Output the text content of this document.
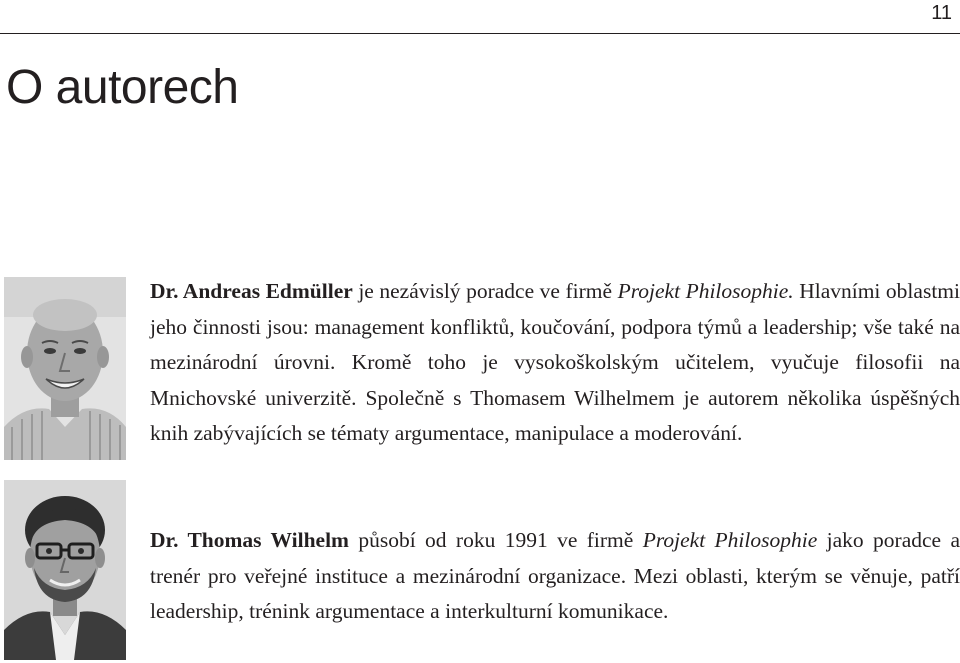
11
O autorech

Dr. Andreas Edmüller je nezávislý poradce ve firmě Projekt Philosophie. Hlavními oblastmi jeho činnosti jsou: management konfliktů, koučování, podpora týmů a leadership; vše také na mezinárodní úrovni. Kromě toho je vysokoškolským učitelem, vyučuje filosofii na Mnichovské univerzitě. Společně s Thomasem Wilhelmem je autorem několika úspěšných knih zabývajících se tématy argumentace, manipulace a moderování.

Dr. Thomas Wilhelm působí od roku 1991 ve firmě Projekt Philosophie jako poradce a trenér pro veřejné instituce a mezinárodní organizace. Mezi oblasti, kterým se věnuje, patří leadership, trénink argumentace a interkulturní komunikace.
